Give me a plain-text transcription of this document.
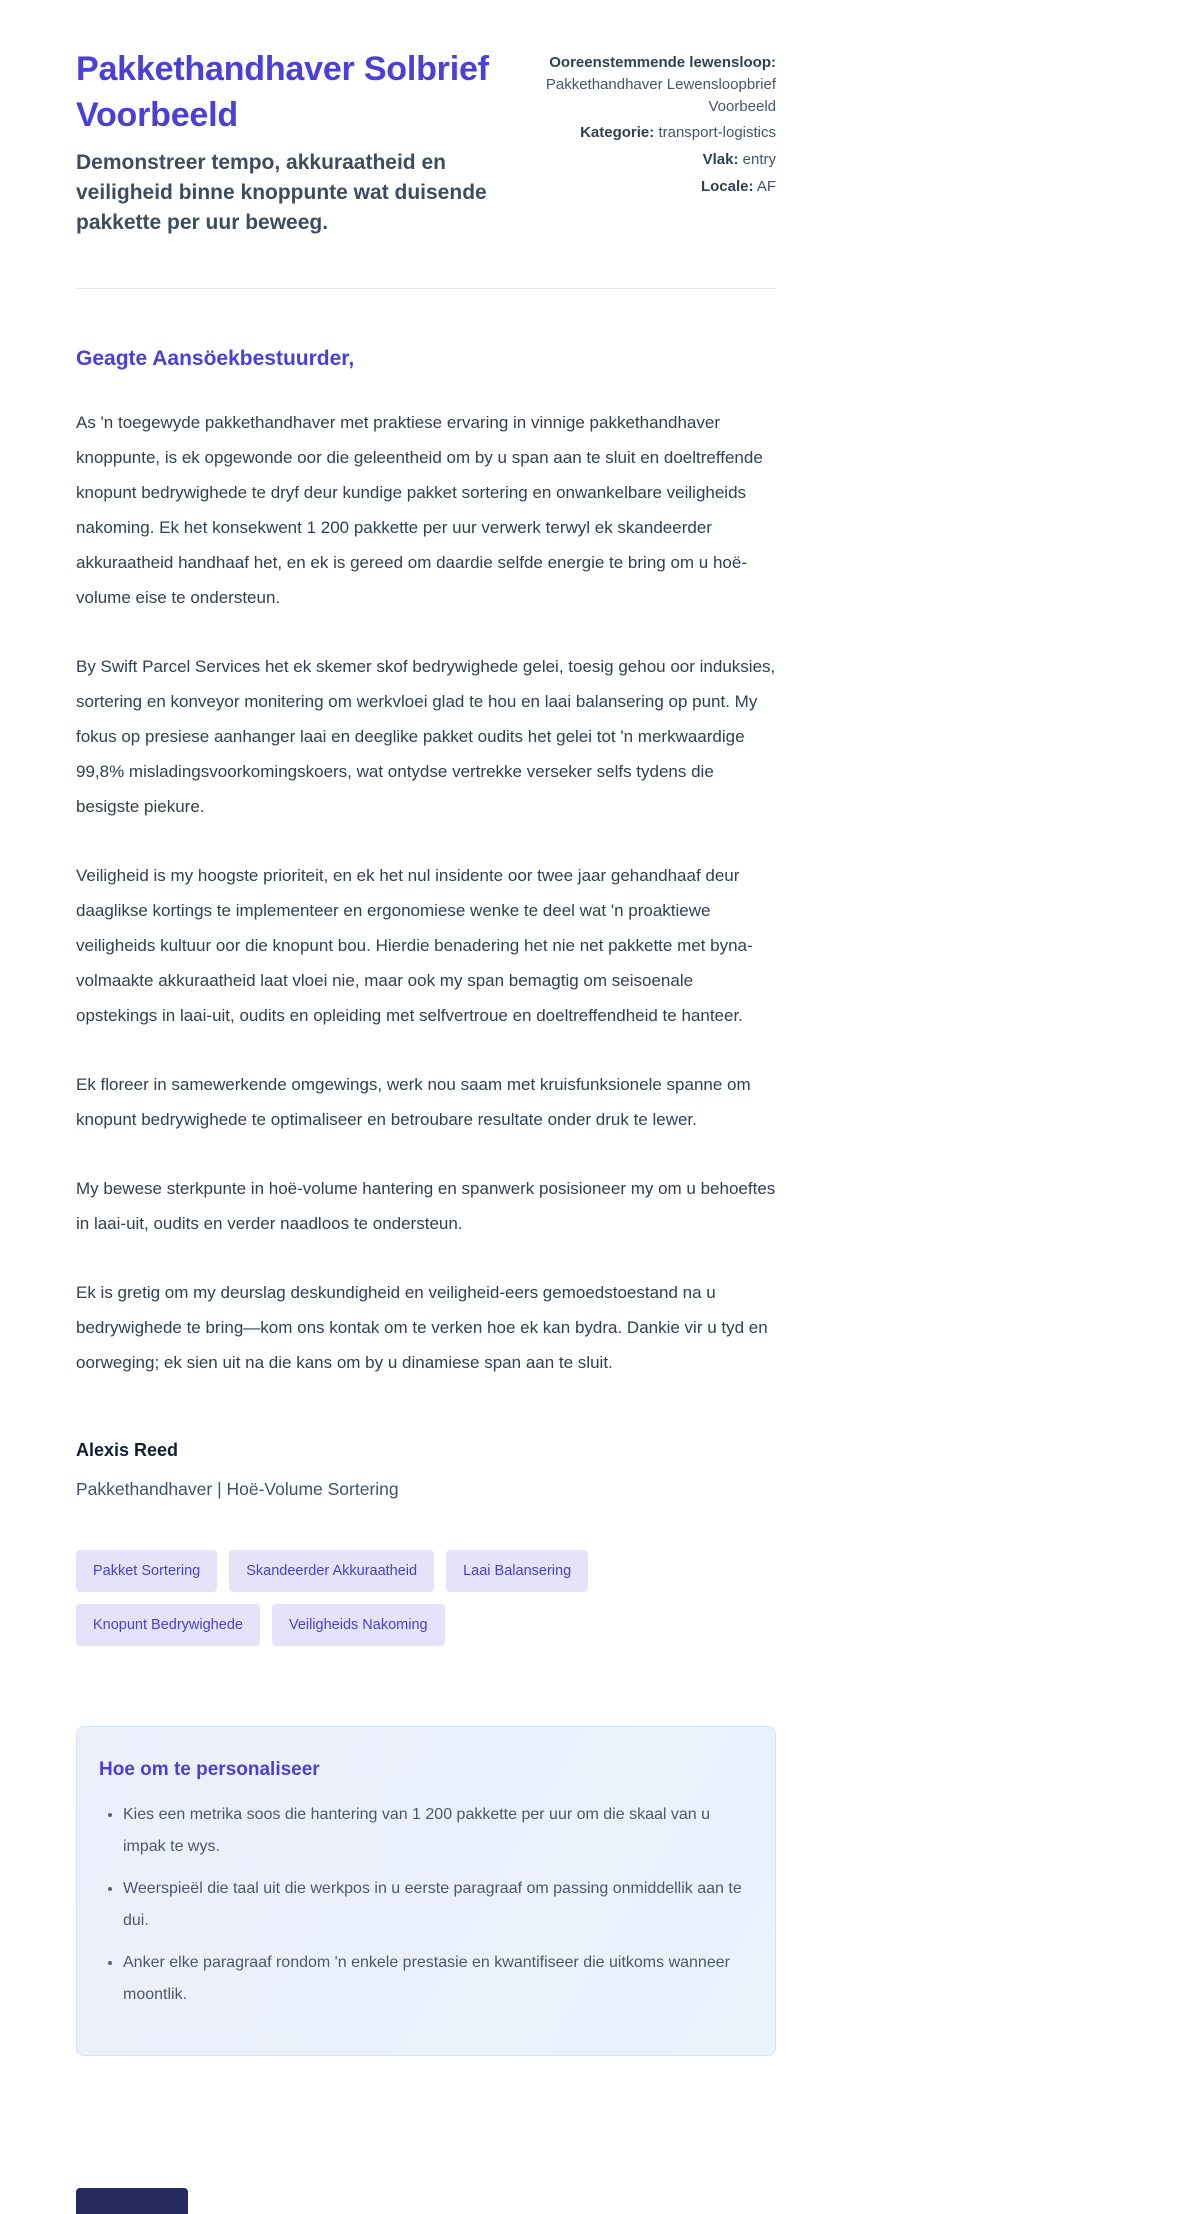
Pakkethandhaver Solbrief Voorbeeld

Demonstreer tempo, akkuraatheid en veiligheid binne knoppunte wat duisende pakkette per uur beweeg.

Ooreenstemmende lewensloop: Pakkethandhaver Lewensloopbrief Voorbeeld

Kategorie: transport-logistics

Vlak: entry

Locale: AF

Geagte Aansöekbestuurder,

As 'n toegewyde pakkethandhaver met praktiese ervaring in vinnige pakkethandhaver knoppunte, is ek opgewonde oor die geleentheid om by u span aan te sluit en doeltreffende knopunt bedrywighede te dryf deur kundige pakket sortering en onwankelbare veiligheids nakoming. Ek het konsekwent 1 200 pakkette per uur verwerk terwyl ek skandeerder akkuraatheid handhaaf het, en ek is gereed om daardie selfde energie te bring om u hoë-volume eise te ondersteun.

By Swift Parcel Services het ek skemer skof bedrywighede gelei, toesig gehou oor induksies, sortering en konveyor monitering om werkvloei glad te hou en laai balansering op punt. My fokus op presiese aanhanger laai en deeglike pakket oudits het gelei tot 'n merkwaardige 99,8% misladingsvoorkomingskoers, wat ontydse vertrekke verseker selfs tydens die besigste piekure.

Veiligheid is my hoogste prioriteit, en ek het nul insidente oor twee jaar gehandhaaf deur daaglikse kortings te implementeer en ergonomiese wenke te deel wat 'n proaktiewe veiligheids kultuur oor die knopunt bou. Hierdie benadering het nie net pakkette met byna-volmaakte akkuraatheid laat vloei nie, maar ook my span bemagtig om seisoenale opstekings in laai-uit, oudits en opleiding met selfvertroue en doeltreffendheid te hanteer.

Ek floreer in samewerkende omgewings, werk nou saam met kruisfunksionele spanne om knopunt bedrywighede te optimaliseer en betroubare resultate onder druk te lewer.

My bewese sterkpunte in hoë-volume hantering en spanwerk posisioneer my om u behoeftes in laai-uit, oudits en verder naadloos te ondersteun.

Ek is gretig om my deurslag deskundigheid en veiligheid-eers gemoedstoestand na u bedrywighede te bring—kom ons kontak om te verken hoe ek kan bydra. Dankie vir u tyd en oorweging; ek sien uit na die kans om by u dinamiese span aan te sluit.

Alexis Reed

Pakkethandhaver | Hoë-Volume Sortering

Pakket Sortering	Skandeerder Akkuraatheid	Laai Balansering
Knopunt Bedrywighede	Veiligheids Nakoming
Hoe om te personaliseer
• Kies een metrika soos die hantering van 1 200 pakkette per uur om die skaal van u impak te wys.
• Weerspieël die taal uit die werkpos in u eerste paragraaf om passing onmiddellik aan te dui.
• Anker elke paragraaf rondom 'n enkele prestasie en kwantifiseer die uitkoms wanneer moontlik.
